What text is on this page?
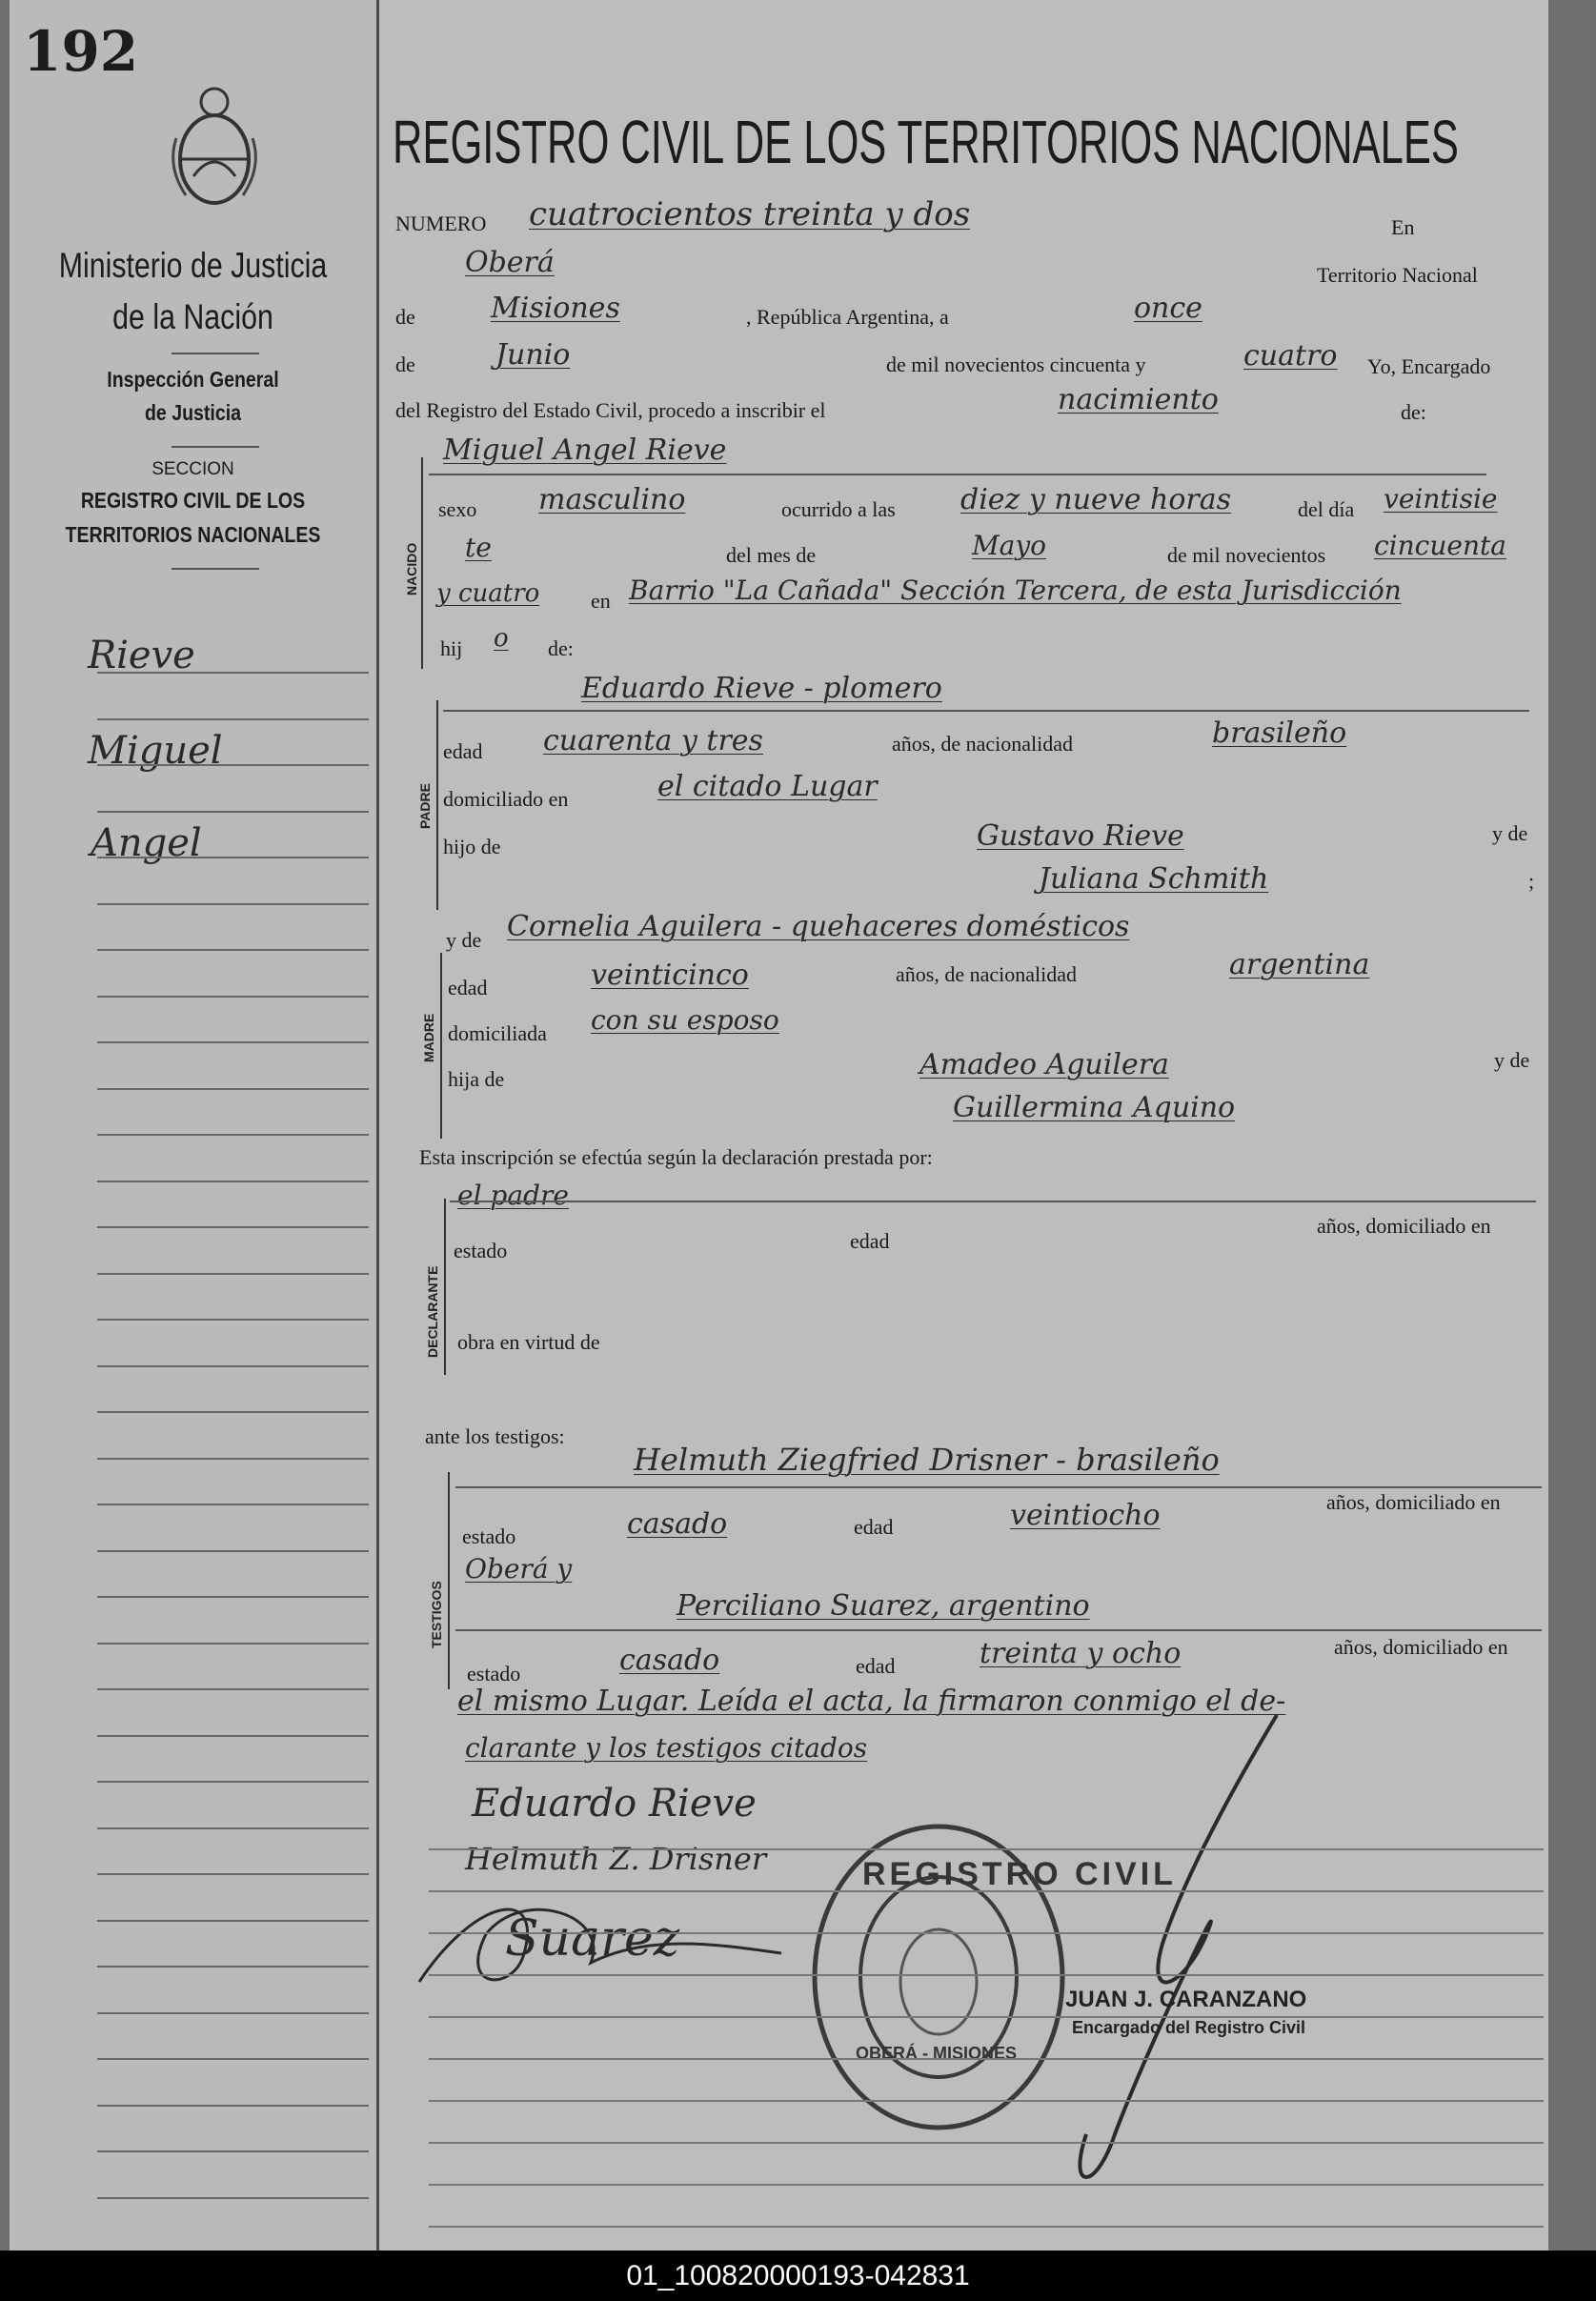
192
Ministerio de Justicia
de la Nación
Inspección General
de Justicia
SECCION
REGISTRO CIVIL DE LOS
TERRITORIOS NACIONALES
Rieve
Miguel
Angel
REGISTRO CIVIL DE LOS TERRITORIOS NACIONALES
NUMERO cuatrocientos treinta y dos	En
Oberá	Territorio Nacional
de	Misiones	, República Argentina, a	once
de	Junio	de mil novecientos cincuenta y	cuatro Yo, Encargado
del Registro del Estado Civil, procedo a inscribir el	nacimiento	de:
NACIDO
Miguel Angel Rieve
sexo masculino	ocurrido a las diez y nueve horas	del día veintisie
te	del mes de	Mayo	de mil novecientos cincuenta
y cuatro en Barrio "La Cañada" Sección Tercera, de esta Jurisdicción
hij o de:
PADRE
Eduardo Rieve - plomero
edad cuarenta y tres	años, de nacionalidad	brasileño
domiciliado en	el citado Lugar
hijo de	Gustavo Rieve	y de
Juliana Schmith	;
y de Cornelia Aguilera - quehaceres domésticos
MADRE
edad	veinticinco	años, de nacionalidad	argentina
domiciliada con su esposo
hija de	Amadeo Aguilera	y de
Guillermina Aquino
Esta inscripción se efectúa según la declaración prestada por:
el padre
DECLARANTE
estado	edad
años, domiciliado en
obra en virtud de
ante los testigos:
Helmuth Ziegfried Drisner - brasileño
TESTIGOS
estado	casado	edad	veintiocho	años, domiciliado en
Oberá y
Perciliano Suarez, argentino
estado	casado	edad	treinta y ocho	años, domiciliado en
el mismo Lugar. Leída el acta, la firmaron conmigo el de-
clarante y los testigos citados
Eduardo Rieve
Helmuth Z. Drisner
Suarez
REGISTRO CIVIL
OBERÁ - MISIONES
JUAN J. CARANZANO
Encargado del Registro Civil
01_100820000193-042831
